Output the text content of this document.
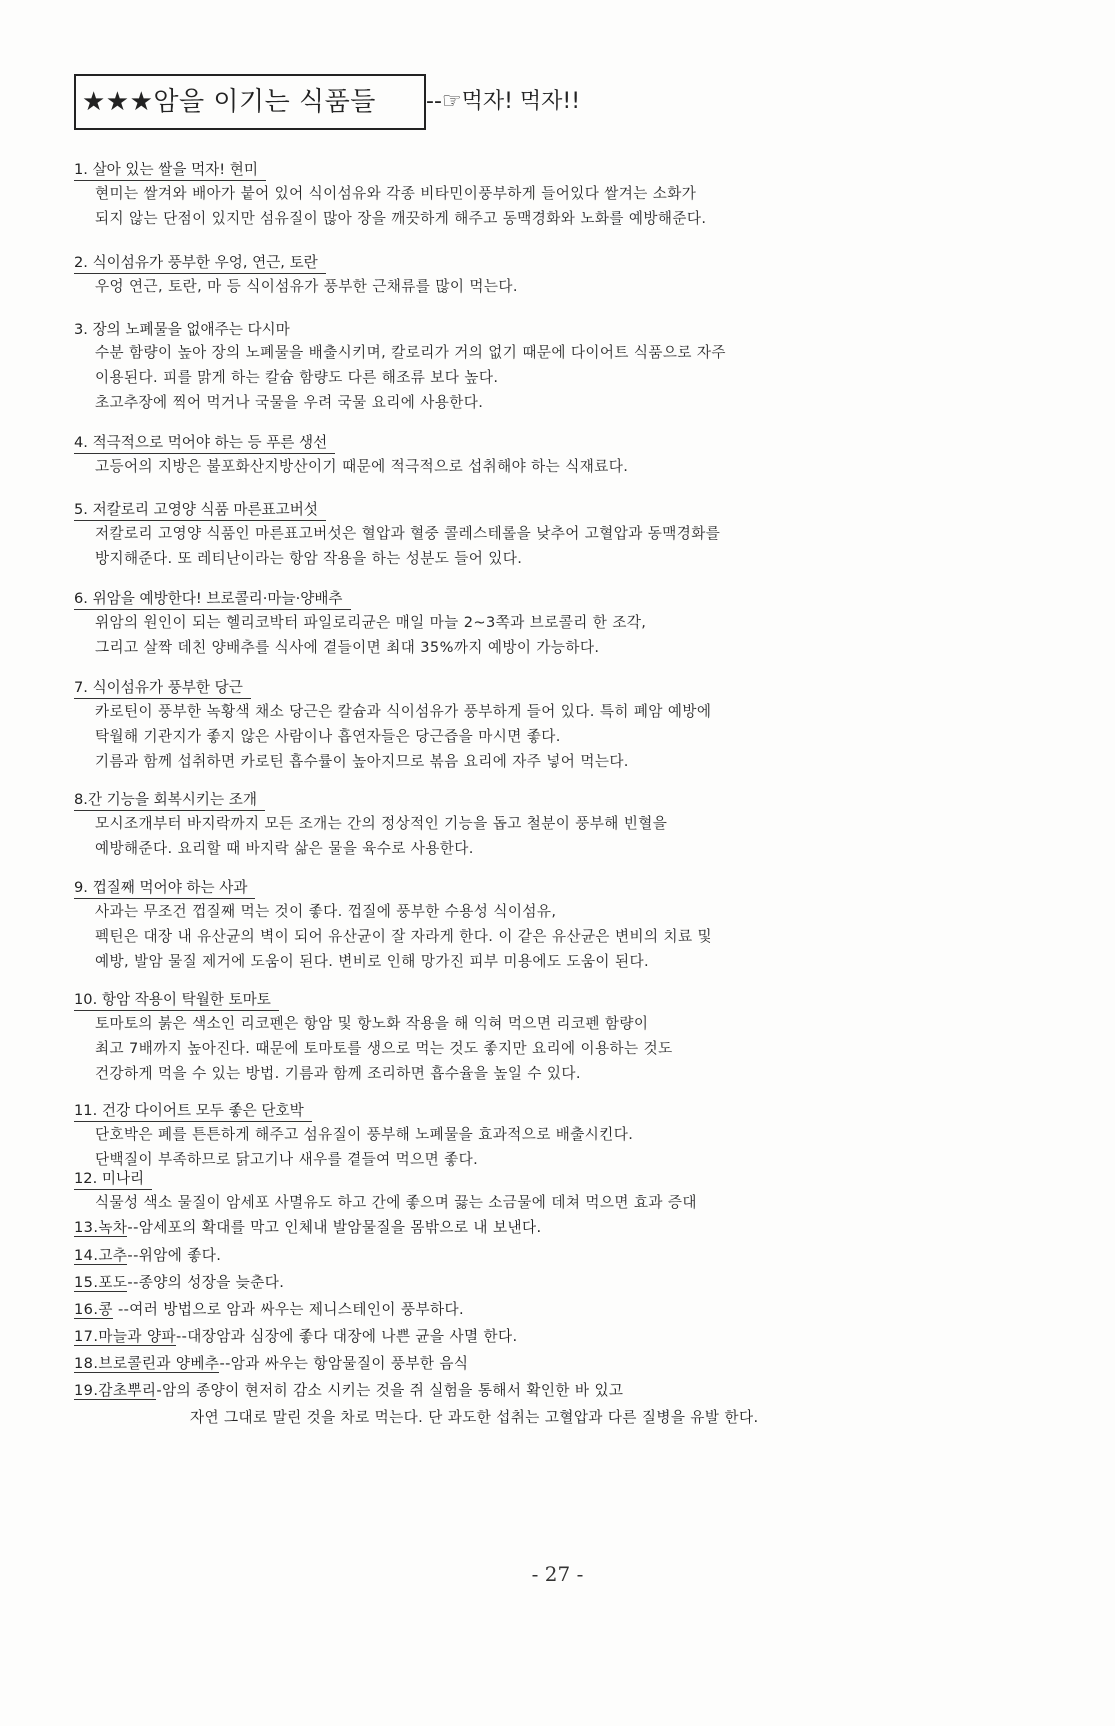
★★★암을 이기는 식품들	--☞먹자! 먹자!!
1. 살아 있는 쌀을 먹자! 현미
현미는 쌀겨와 배아가 붙어 있어 식이섬유와 각종 비타민이풍부하게 들어있다 쌀겨는 소화가
되지 않는 단점이 있지만 섬유질이 많아 장을 깨끗하게 해주고 동맥경화와 노화를 예방해준다.
2. 식이섬유가 풍부한 우엉, 연근, 토란
우엉 연근, 토란, 마 등 식이섬유가 풍부한 근채류를 많이 먹는다.
3. 장의 노폐물을 없애주는 다시마
수분 함량이 높아 장의 노폐물을 배출시키며, 칼로리가 거의 없기 때문에 다이어트 식품으로 자주
이용된다. 피를 맑게 하는 칼슘 함량도 다른 해조류 보다 높다.
초고추장에 찍어 먹거나 국물을 우려 국물 요리에 사용한다.
4. 적극적으로 먹어야 하는 등 푸른 생선
고등어의 지방은 불포화산지방산이기 때문에 적극적으로 섭취해야 하는 식재료다.
5. 저칼로리 고영양 식품 마른표고버섯
저칼로리 고영양 식품인 마른표고버섯은 혈압과 혈중 콜레스테롤을 낮추어 고혈압과 동맥경화를
방지해준다. 또 레티난이라는 항암 작용을 하는 성분도 들어 있다.
6. 위암을 예방한다! 브로콜리·마늘·양배추
위암의 원인이 되는 헬리코박터 파일로리균은 매일 마늘 2~3쪽과 브로콜리 한 조각,
그리고 살짝 데친 양배추를 식사에 곁들이면 최대 35%까지 예방이 가능하다.
7. 식이섬유가 풍부한 당근
카로틴이 풍부한 녹황색 채소 당근은 칼슘과 식이섬유가 풍부하게 들어 있다. 특히 폐암 예방에
탁월해 기관지가 좋지 않은 사람이나 흡연자들은 당근즙을 마시면 좋다.
기름과 함께 섭취하면 카로틴 흡수률이 높아지므로 볶음 요리에 자주 넣어 먹는다.
8.간 기능을 회복시키는 조개
모시조개부터 바지락까지 모든 조개는 간의 정상적인 기능을 돕고 철분이 풍부해 빈혈을
예방해준다. 요리할 때 바지락 삶은 물을 육수로 사용한다.
9. 껍질째 먹어야 하는 사과
사과는 무조건 껍질째 먹는 것이 좋다. 껍질에 풍부한 수용성 식이섬유,
펙틴은 대장 내 유산균의 벽이 되어 유산균이 잘 자라게 한다. 이 같은 유산균은 변비의 치료 및
예방, 발암 물질 제거에 도움이 된다. 변비로 인해 망가진 피부 미용에도 도움이 된다.
10. 항암 작용이 탁월한 토마토
토마토의 붉은 색소인 리코펜은 항암 및 항노화 작용을 해 익혀 먹으면 리코펜 함량이
최고 7배까지 높아진다. 때문에 토마토를 생으로 먹는 것도 좋지만 요리에 이용하는 것도
건강하게 먹을 수 있는 방법. 기름과 함께 조리하면 흡수율을 높일 수 있다.
11. 건강 다이어트 모두 좋은 단호박
단호박은 폐를 튼튼하게 해주고 섬유질이 풍부해 노폐물을 효과적으로 배출시킨다.
단백질이 부족하므로 닭고기나 새우를 곁들여 먹으면 좋다.
12. 미나리
식물성 색소 물질이 암세포 사멸유도 하고 간에 좋으며 끓는 소금물에 데쳐 먹으면 효과 증대
13.녹차--암세포의 확대를 막고 인체내 발암물질을 몸밖으로 내 보낸다.
14.고추--위암에 좋다.
15.포도--종양의 성장을 늦춘다.
16.콩 --여러 방법으로 암과 싸우는 제니스테인이 풍부하다.
17.마늘과 양파--대장암과 심장에 좋다 대장에 나쁜 균을 사멸 한다.
18.브로콜린과 양베추--암과 싸우는 항암물질이 풍부한 음식
19.감초뿌리-암의 종양이 현저히 감소 시키는 것을 쥐 실험을 통해서 확인한 바 있고
자연 그대로 말린 것을 차로 먹는다. 단 과도한 섭취는 고혈압과 다른 질병을 유발 한다.
- 27 -
